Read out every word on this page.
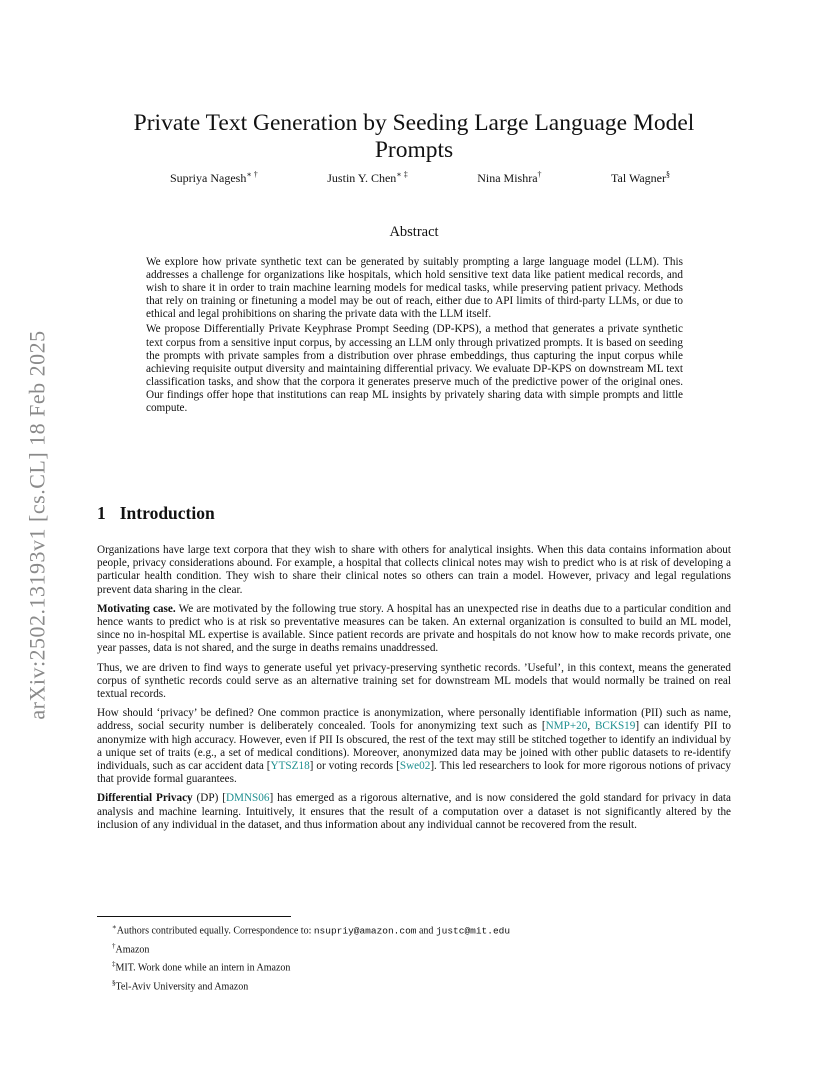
arXiv:2502.13193v1 [cs.CL] 18 Feb 2025
Private Text Generation by Seeding Large Language Model Prompts
Supriya Nagesh∗ †	Justin Y. Chen∗ ‡	Nina Mishra†	Tal Wagner§
Abstract

We explore how private synthetic text can be generated by suitably prompting a large language model (LLM). This addresses a challenge for organizations like hospitals, which hold sensitive text data like patient medical records, and wish to share it in order to train machine learning models for medical tasks, while preserving patient privacy. Methods that rely on training or finetuning a model may be out of reach, either due to API limits of third-party LLMs, or due to ethical and legal prohibitions on sharing the private data with the LLM itself.

We propose Differentially Private Keyphrase Prompt Seeding (DP-KPS), a method that generates a private synthetic text corpus from a sensitive input corpus, by accessing an LLM only through privatized prompts. It is based on seeding the prompts with private samples from a distribution over phrase embeddings, thus capturing the input corpus while achieving requisite output diversity and maintaining differential privacy. We evaluate DP-KPS on downstream ML text classification tasks, and show that the corpora it generates preserve much of the predictive power of the original ones. Our findings offer hope that institutions can reap ML insights by privately sharing data with simple prompts and little compute.

1 Introduction

Organizations have large text corpora that they wish to share with others for analytical insights. When this data contains information about people, privacy considerations abound. For example, a hospital that collects clinical notes may wish to predict who is at risk of developing a particular health condition. They wish to share their clinical notes so others can train a model. However, privacy and legal regulations prevent data sharing in the clear.

Motivating case. We are motivated by the following true story. A hospital has an unexpected rise in deaths due to a particular condition and hence wants to predict who is at risk so preventative measures can be taken. An external organization is consulted to build an ML model, since no in-hospital ML expertise is available. Since patient records are private and hospitals do not know how to make records private, one year passes, data is not shared, and the surge in deaths remains unaddressed.

Thus, we are driven to find ways to generate useful yet privacy-preserving synthetic records. ’Useful’, in this context, means the generated corpus of synthetic records could serve as an alternative training set for downstream ML models that would normally be trained on real textual records.

How should ‘privacy’ be defined? One common practice is anonymization, where personally identifiable information (PII) such as name, address, social security number is deliberately concealed. Tools for anonymizing text such as [NMP+20, BCKS19] can identify PII to anonymize with high accuracy. However, even if PII Is obscured, the rest of the text may still be stitched together to identify an individual by a unique set of traits (e.g., a set of medical conditions). Moreover, anonymized data may be joined with other public datasets to re-identify individuals, such as car accident data [YTSZ18] or voting records [Swe02]. This led researchers to look for more rigorous notions of privacy that provide formal guarantees.

Differential Privacy (DP) [DMNS06] has emerged as a rigorous alternative, and is now considered the gold standard for privacy in data analysis and machine learning. Intuitively, it ensures that the result of a computation over a dataset is not significantly altered by the inclusion of any individual in the dataset, and thus information about any individual cannot be recovered from the result.

∗Authors contributed equally. Correspondence to: nsupriy@amazon.com and justc@mit.edu
†Amazon
‡MIT. Work done while an intern in Amazon
§Tel-Aviv University and Amazon
